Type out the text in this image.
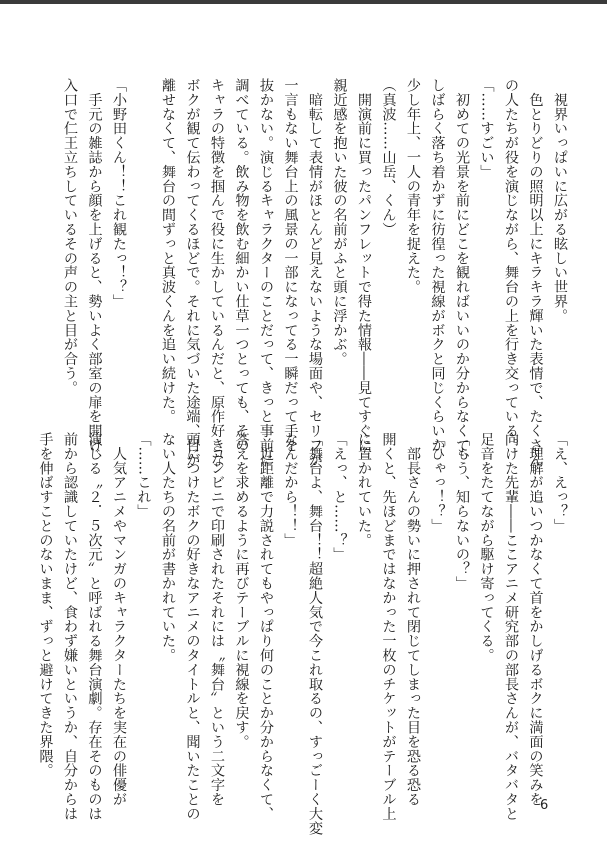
　視界いっぱいに広がる眩しい世界。

　色とりどりの照明以上にキラキラ輝いた表情で、たくさん

の人たちが役を演じながら、舞台の上を行き交っている。

「……すごい」

　初めての光景を前にどこを観ればいいのか分からなくて、

しばらく落ち着かずに彷徨った視線がボクと同じくらいか

少し年上、一人の青年を捉えた。

（真波……山岳、くん）

　開演前に買ったパンフレットで得た情報――見てすぐに

親近感を抱いた彼の名前がふと頭に浮かぶ。

　暗転して表情がほとんど見えないような場面や、セリフが

一言もない舞台上の風景の一部になってる一瞬だって手を

抜かない。演じるキャラクターのことだって、きっと事前に

調べている。飲み物を飲む細かい仕草一つとっても、その

キャラの特徴を掴んで役に生かしているんだと、原作好きな

ボクが観て伝わってくるほどで。それに気づいた途端、目が

離せなくて、舞台の間ずっと真波くんを追い続けた。

「小野田くん！！これ観たっ！？」

　手元の雑誌から顔を上げると、勢いよく部室の扉を開け、

入口で仁王立ちしているその声の主と目が合う。

「え、えっ？」

　理解が追いつかなくて首をかしげるボクに満面の笑みを

向けた先輩――ここアニメ研究部の部長さんが、バタバタと

足音をたてながら駆け寄ってくる。

「もう、知らないの？」

「ひゃっ！？」

　部長さんの勢いに押されて閉じてしまった目を恐る恐る

開くと、先ほどまではなかった一枚のチケットがテーブル上

に置かれていた。

「えっ、と……？」

「舞台よ、舞台！！超絶人気で今これ取るの、すっごーく大変

なんだから！！」

　近距離で力説されてもやっぱり何のことか分からなくて、

答えを求めるように再びテーブルに視線を戻す。

　コンビニで印刷されたそれには〝舞台〟という二文字を

頭につけたボクの好きなアニメのタイトルと、聞いたことの

ない人たちの名前が書かれていた。

「……これ」

　人気アニメやマンガのキャラクターたちを実在の俳優が

演じる〝２．５次元〟と呼ばれる舞台演劇。存在そのものは

前から認識していたけど、食わず嫌いというか、自分からは

手を伸ばすことのないまま、ずっと避けてきた界隈。

6
